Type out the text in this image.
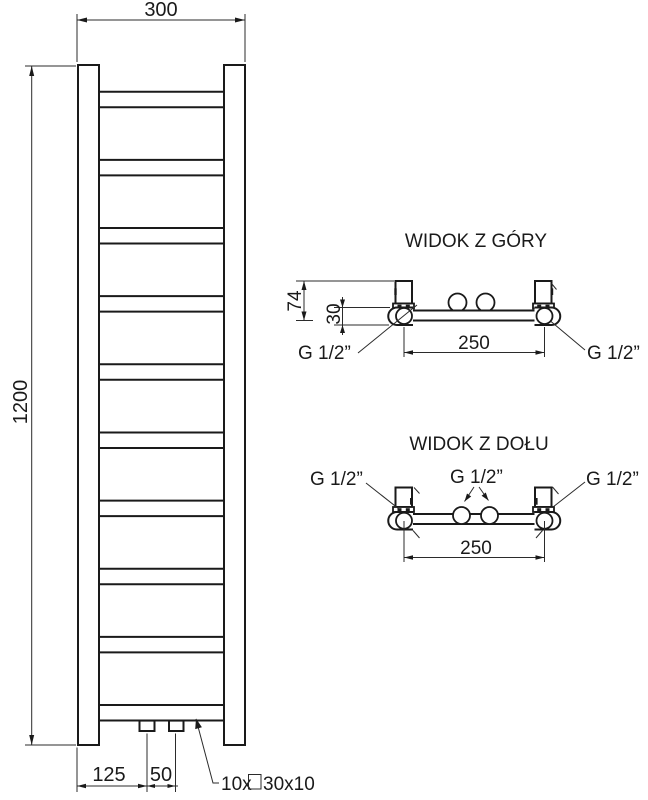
300
1200
125 50	10x 30x10
WIDOK Z GÓRY
74
30
250
G 1/2”	G 1/2”
WIDOK Z DOŁU
G 1/2”	G 1/2”	G 1/2”
250
